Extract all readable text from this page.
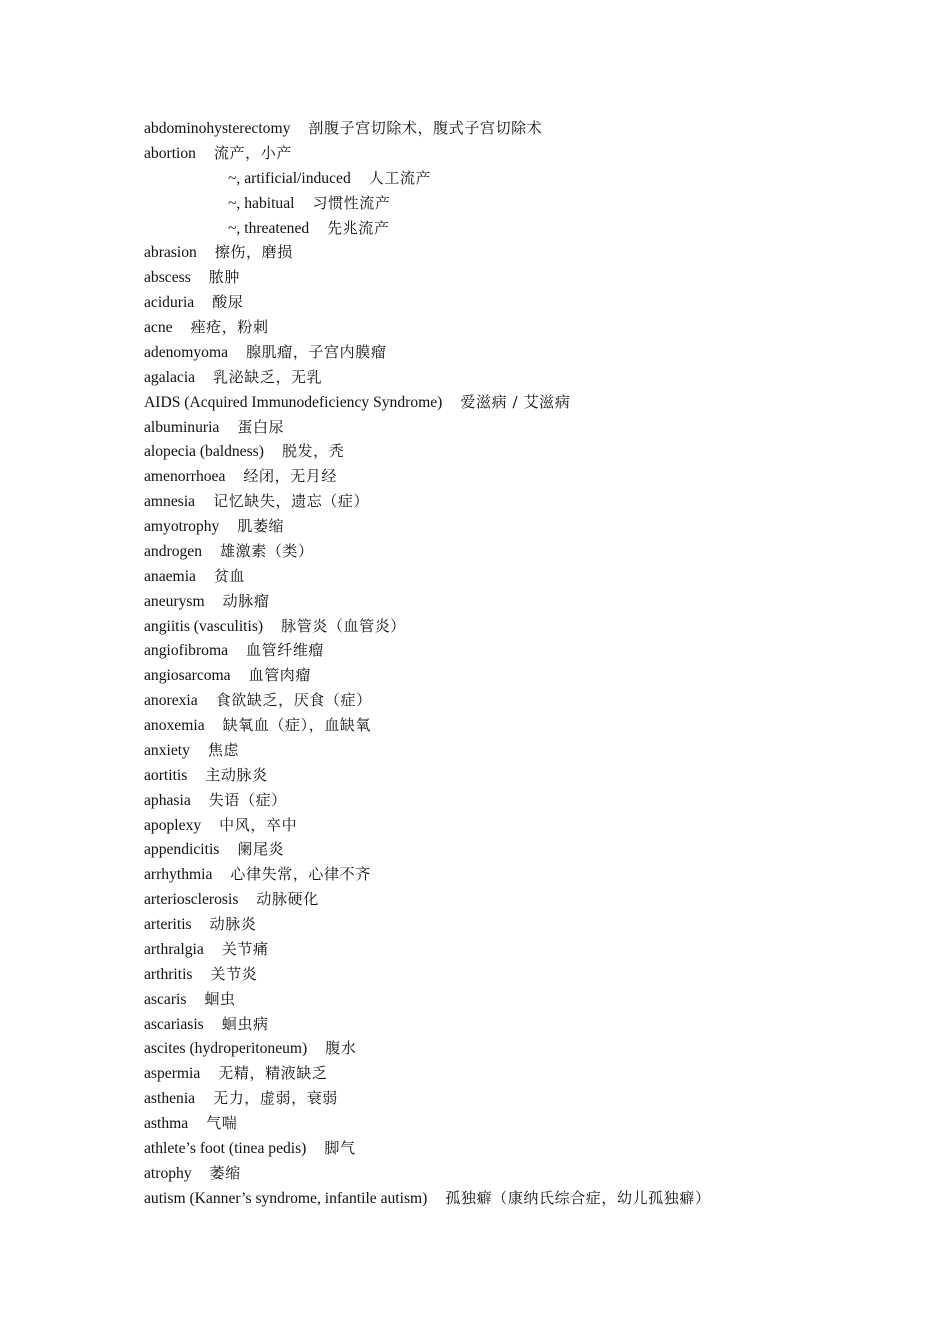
abdominohysterectomy 剖腹子宫切除术，腹式子宫切除术
abortion 流产，小产
~, artificial/induced 人工流产
~, habitual 习惯性流产
~, threatened 先兆流产
abrasion 擦伤，磨损
abscess 脓肿
aciduria 酸尿
acne 痤疮，粉刺
adenomyoma 腺肌瘤，子宫内膜瘤
agalacia 乳泌缺乏，无乳
AIDS (Acquired Immunodeficiency Syndrome) 爱滋病 / 艾滋病
albuminuria 蛋白尿
alopecia (baldness) 脱发，秃
amenorrhoea 经闭，无月经
amnesia 记忆缺失，遗忘（症）
amyotrophy 肌萎缩
androgen 雄激素（类）
anaemia 贫血
aneurysm 动脉瘤
angiitis (vasculitis) 脉管炎（血管炎）
angiofibroma 血管纤维瘤
angiosarcoma 血管肉瘤
anorexia 食欲缺乏，厌食（症）
anoxemia 缺氧血（症），血缺氧
anxiety 焦虑
aortitis 主动脉炎
aphasia 失语（症）
apoplexy 中风，卒中
appendicitis 阑尾炎
arrhythmia 心律失常，心律不齐
arteriosclerosis 动脉硬化
arteritis 动脉炎
arthralgia 关节痛
arthritis 关节炎
ascaris 蛔虫
ascariasis 蛔虫病
ascites (hydroperitoneum) 腹水
aspermia 无精，精液缺乏
asthenia 无力，虚弱，衰弱
asthma 气喘
athlete’s foot (tinea pedis) 脚气
atrophy 萎缩
autism (Kanner’s syndrome, infantile autism) 孤独癖（康纳氏综合症，幼儿孤独癖）
